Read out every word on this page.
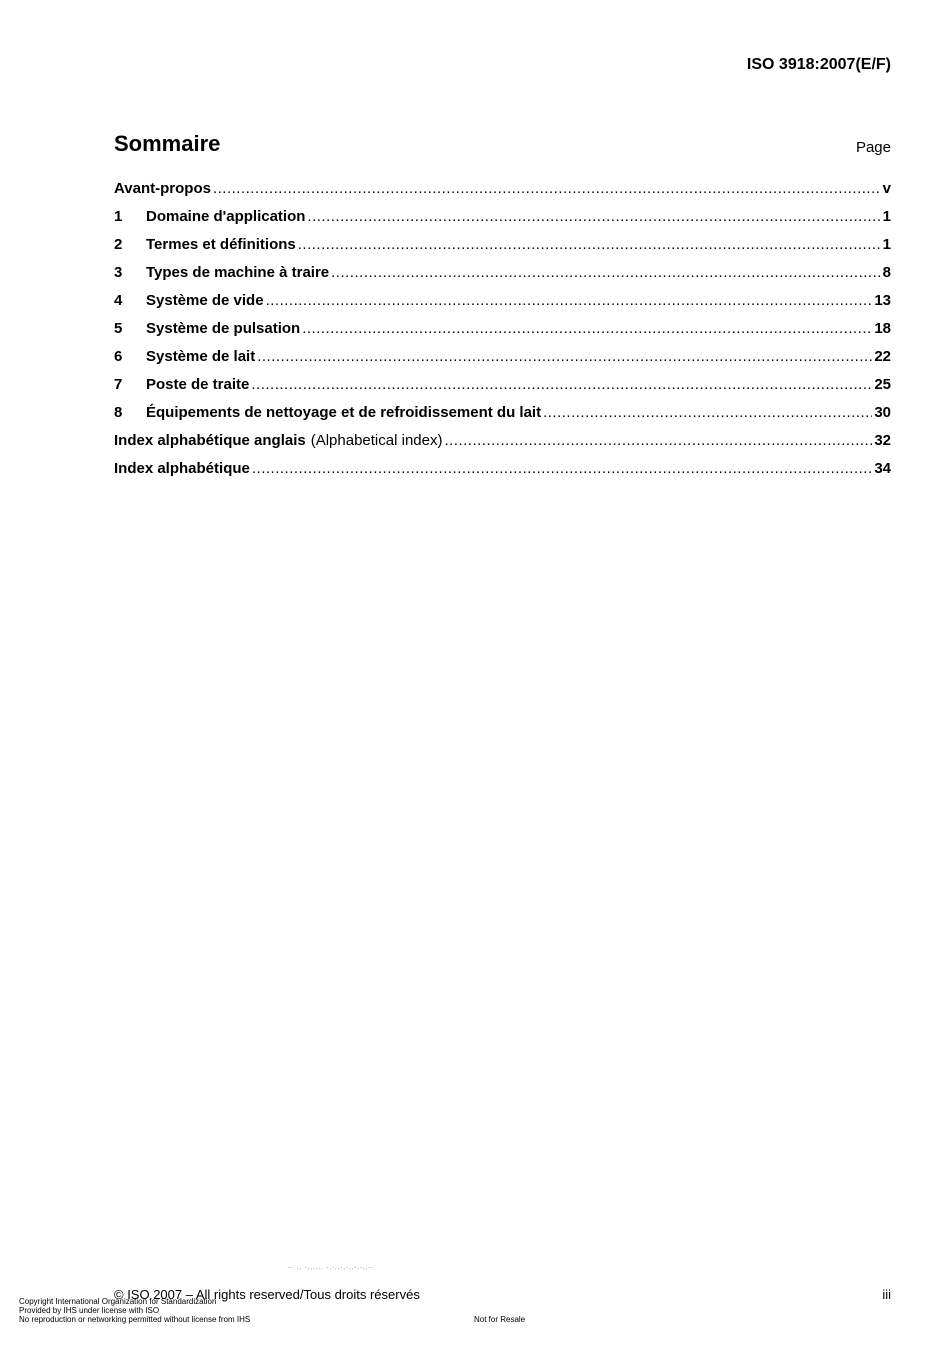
ISO 3918:2007(E/F)
Sommaire	Page
Avant-propos .....	v
1	Domaine d'application .....	1
2	Termes et définitions .....	1
3	Types de machine à traire .....	8
4	Système de vide .....	13
5	Système de pulsation .....	18
6	Système de lait .....	22
7	Poste de traite .....	25
8	Équipements de nettoyage et de refroidissement du lait .....	30
Index alphabétique anglais (Alphabetical index) .....	32
Index alphabétique .....	34
-- ,, -,,,,,, -,-,,-,-,,-,-,,--
© ISO 2007 – All rights reserved/Tous droits réservés	iii
Copyright International Organization for Standardization
Provided by IHS under license with ISO
No reproduction or networking permitted without license from IHS	Not for Resale
